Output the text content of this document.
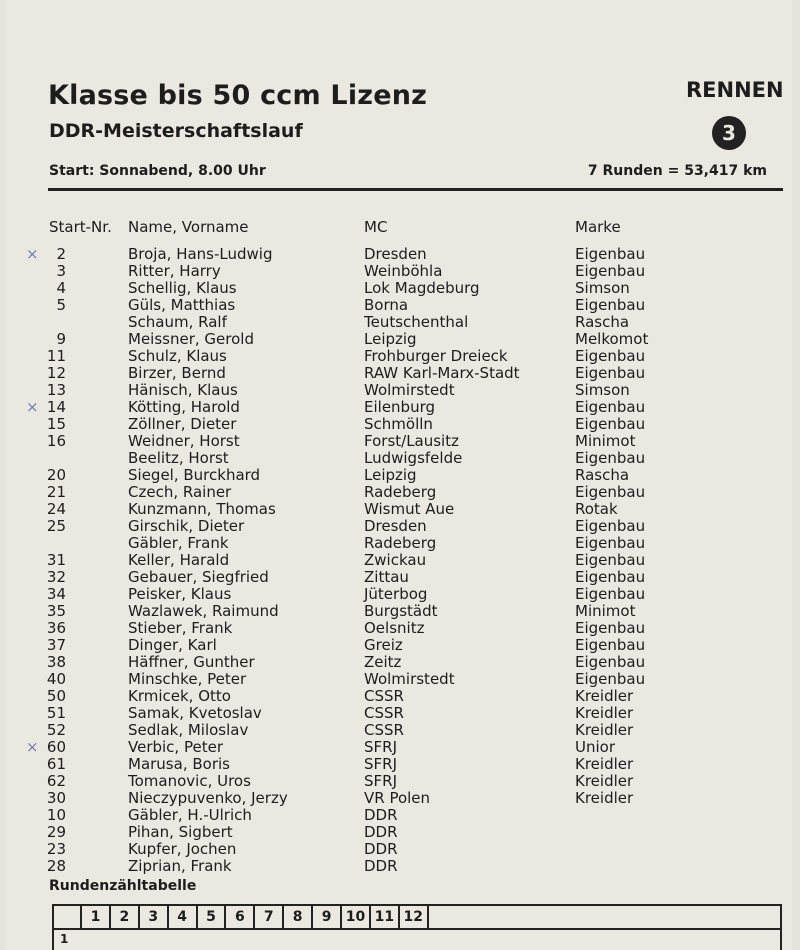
Klasse bis 50 ccm Lizenz
DDR-Meisterschaftslauf
RENNEN
3
Start: Sonnabend, 8.00 Uhr	7 Runden = 53,417 km
Start-Nr. Name, Vorname	MC	Marke
2	Broja, Hans-Ludwig	Dresden	Eigenbau
×
3	Ritter, Harry	Weinböhla	Eigenbau
4	Schellig, Klaus	Lok Magdeburg	Simson
5	Güls, Matthias	Borna	Eigenbau
Schaum, Ralf	Teutschenthal	Rascha
9	Meissner, Gerold	Leipzig	Melkomot
11	Schulz, Klaus	Frohburger Dreieck	Eigenbau
12	Birzer, Bernd	RAW Karl-Marx-Stadt	Eigenbau
13	Hänisch, Klaus	Wolmirstedt	Simson
14	Kötting, Harold	Eilenburg	Eigenbau
×
15	Zöllner, Dieter	Schmölln	Eigenbau
16	Weidner, Horst	Forst/Lausitz	Minimot
Beelitz, Horst	Ludwigsfelde	Eigenbau
20	Siegel, Burckhard	Leipzig	Rascha
21	Czech, Rainer	Radeberg	Eigenbau
24	Kunzmann, Thomas	Wismut Aue	Rotak
25	Girschik, Dieter	Dresden	Eigenbau
Gäbler, Frank	Radeberg	Eigenbau
31	Keller, Harald	Zwickau	Eigenbau
32	Gebauer, Siegfried	Zittau	Eigenbau
34	Peisker, Klaus	Jüterbog	Eigenbau
35	Wazlawek, Raimund	Burgstädt	Minimot
36	Stieber, Frank	Oelsnitz	Eigenbau
37	Dinger, Karl	Greiz	Eigenbau
38	Häffner, Gunther	Zeitz	Eigenbau
40	Minschke, Peter	Wolmirstedt	Eigenbau
50	Krmicek, Otto	CSSR	Kreidler
51	Samak, Kvetoslav	CSSR	Kreidler
52	Sedlak, Miloslav	CSSR	Kreidler
60	Verbic, Peter	SFRJ	Unior
×
61	Marusa, Boris	SFRJ	Kreidler
62	Tomanovic, Uros	SFRJ	Kreidler
30	Nieczypuvenko, Jerzy	VR Polen	Kreidler
10	Gäbler, H.-Ulrich	DDR
29	Pihan, Sigbert	DDR
23	Kupfer, Jochen	DDR
28	Ziprian, Frank	DDR
Rundenzähltabelle
1	2	3	4	5	6	7	8	9	10 11 12
1
